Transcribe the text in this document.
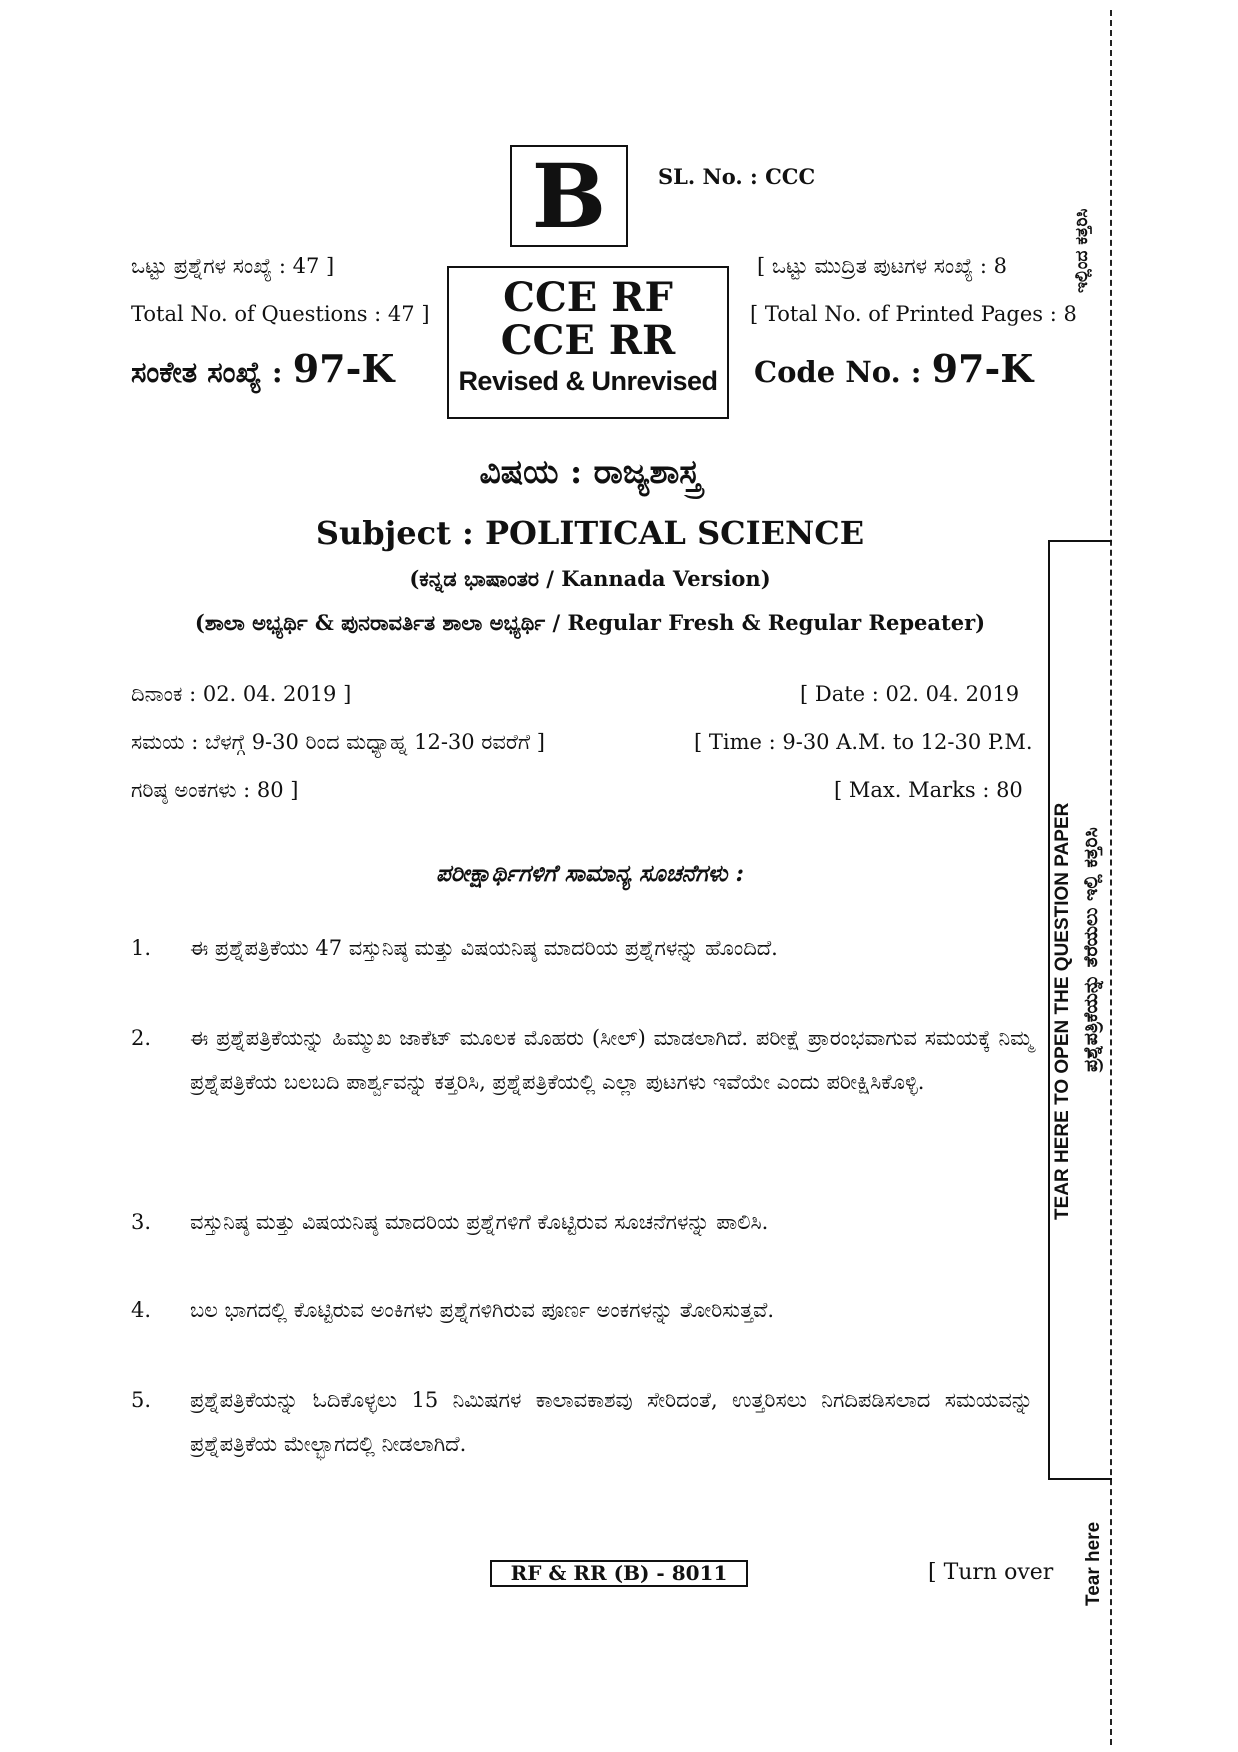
B SL. No. : CCC
ಒಟ್ಟು ಪ್ರಶ್ನೆಗಳ ಸಂಖ್ಯೆ : 47 ]
Total No. of Questions : 47 ]
ಸಂಕೇತ ಸಂಖ್ಯೆ : 97-K
CCE RF
CCE RR
Revised & Unrevised
[ ಒಟ್ಟು ಮುದ್ರಿತ ಪುಟಗಳ ಸಂಖ್ಯೆ : 8
[ Total No. of Printed Pages : 8
Code No. : 97-K
ವಿಷಯ : ರಾಜ್ಯಶಾಸ್ತ್ರ
Subject : POLITICAL SCIENCE
(ಕನ್ನಡ ಭಾಷಾಂತರ / Kannada Version)
(ಶಾಲಾ ಅಭ್ಯರ್ಥಿ & ಪುನರಾವರ್ತಿತ ಶಾಲಾ ಅಭ್ಯರ್ಥಿ / Regular Fresh & Regular Repeater)
ದಿನಾಂಕ : 02. 04. 2019 ]	[ Date : 02. 04. 2019
ಸಮಯ : ಬೆಳಗ್ಗೆ 9-30 ರಿಂದ ಮಧ್ಯಾಹ್ನ 12-30 ರವರೆಗೆ ]	[ Time : 9-30 A.M. to 12-30 P.M.
ಗರಿಷ್ಠ ಅಂಕಗಳು : 80 ]	[ Max. Marks : 80
ಪರೀಕ್ಷಾರ್ಥಿಗಳಿಗೆ ಸಾಮಾನ್ಯ ಸೂಚನೆಗಳು :
1. ಈ ಪ್ರಶ್ನೆಪತ್ರಿಕೆಯು 47 ವಸ್ತುನಿಷ್ಠ ಮತ್ತು ವಿಷಯನಿಷ್ಠ ಮಾದರಿಯ ಪ್ರಶ್ನೆಗಳನ್ನು ಹೊಂದಿದೆ.

2. ಈ ಪ್ರಶ್ನೆಪತ್ರಿಕೆಯನ್ನು ಹಿಮ್ಮುಖ ಜಾಕೆಟ್ ಮೂಲಕ ಮೊಹರು (ಸೀಲ್) ಮಾಡಲಾಗಿದೆ. ಪರೀಕ್ಷೆ ಪ್ರಾರಂಭವಾಗುವ ಸಮಯಕ್ಕೆ ನಿಮ್ಮ ಪ್ರಶ್ನೆಪತ್ರಿಕೆಯ ಬಲಬದಿ ಪಾರ್ಶ್ವವನ್ನು ಕತ್ತರಿಸಿ, ಪ್ರಶ್ನೆಪತ್ರಿಕೆಯಲ್ಲಿ ಎಲ್ಲಾ ಪುಟಗಳು ಇವೆಯೇ ಎಂದು ಪರೀಕ್ಷಿಸಿಕೊಳ್ಳಿ.

3. ವಸ್ತುನಿಷ್ಠ ಮತ್ತು ವಿಷಯನಿಷ್ಠ ಮಾದರಿಯ ಪ್ರಶ್ನೆಗಳಿಗೆ ಕೊಟ್ಟಿರುವ ಸೂಚನೆಗಳನ್ನು ಪಾಲಿಸಿ.

4. ಬಲ ಭಾಗದಲ್ಲಿ ಕೊಟ್ಟಿರುವ ಅಂಕಿಗಳು ಪ್ರಶ್ನೆಗಳಿಗಿರುವ ಪೂರ್ಣ ಅಂಕಗಳನ್ನು ತೋರಿಸುತ್ತವೆ.

5. ಪ್ರಶ್ನೆಪತ್ರಿಕೆಯನ್ನು ಓದಿಕೊಳ್ಳಲು 15 ನಿಮಿಷಗಳ ಕಾಲಾವಕಾಶವು ಸೇರಿದಂತೆ, ಉತ್ತರಿಸಲು ನಿಗದಿಪಡಿಸಲಾದ ಸಮಯವನ್ನು ಪ್ರಶ್ನೆಪತ್ರಿಕೆಯ ಮೇಲ್ಭಾಗದಲ್ಲಿ ನೀಡಲಾಗಿದೆ.

RF & RR (B) - 8011	[ Turn over
ಇಲ್ಲಿಂದ ಕತ್ತರಿಸಿ
TEAR HERE TO OPEN THE QUESTION PAPER ಪ್ರಶ್ನೆಪತ್ರಿಕೆಯನ್ನು ತೆರೆಯಲು ಇಲ್ಲಿ ಕತ್ತರಿಸಿ
Tear here
